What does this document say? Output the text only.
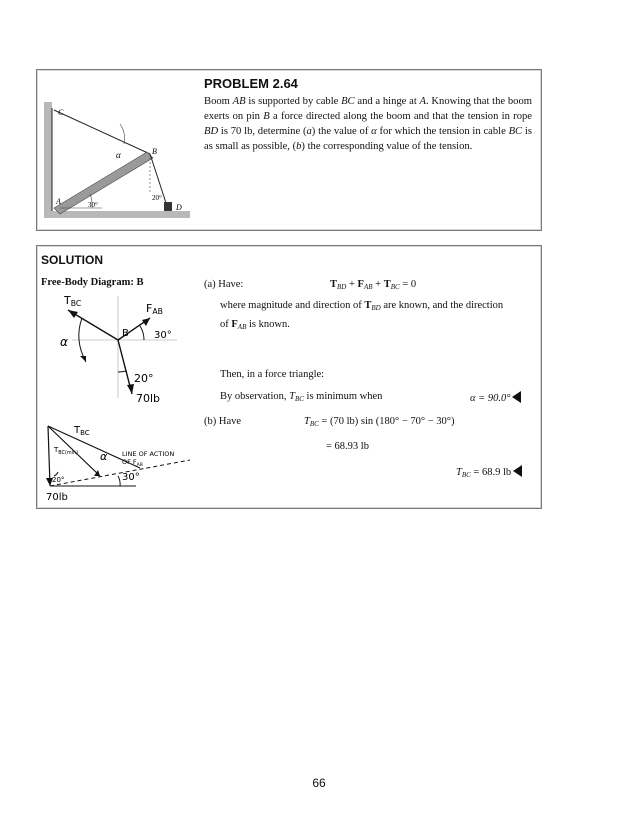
C
B
A
D
α
30°
20°
PROBLEM 2.64
Boom AB is supported by cable BC and a hinge at A. Knowing that the boom exerts on pin B a force directed along the boom and that the tension in rope BD is 70 lb, determine (a) the value of α for which the tension in cable BC is as small as possible, (b) the corresponding value of the tension.
SOLUTION
Free-Body Diagram: B
TBC	FAB
B
α	30°
20°
70lb
$T_{BC}$
$T_{BC(min)}$ α LINE OF ACTION
OF $F_{AB}$
30°
20°
70lb
(a) Have:	$T_{BD} + F_{AB} + T_{BC} = 0$
where magnitude and direction of $T_{BD}$ are known, and the direction
of $F_{AB}$ is known.
Then, in a force triangle:
By observation, $T_{BC}$ is minimum when	α = 90.0°
(b) Have	$T_{BC} = (70$ lb) sin (180° − 70° − 30°)
= 68.93 lb
$T_{BC} = 68.9$ lb
66
